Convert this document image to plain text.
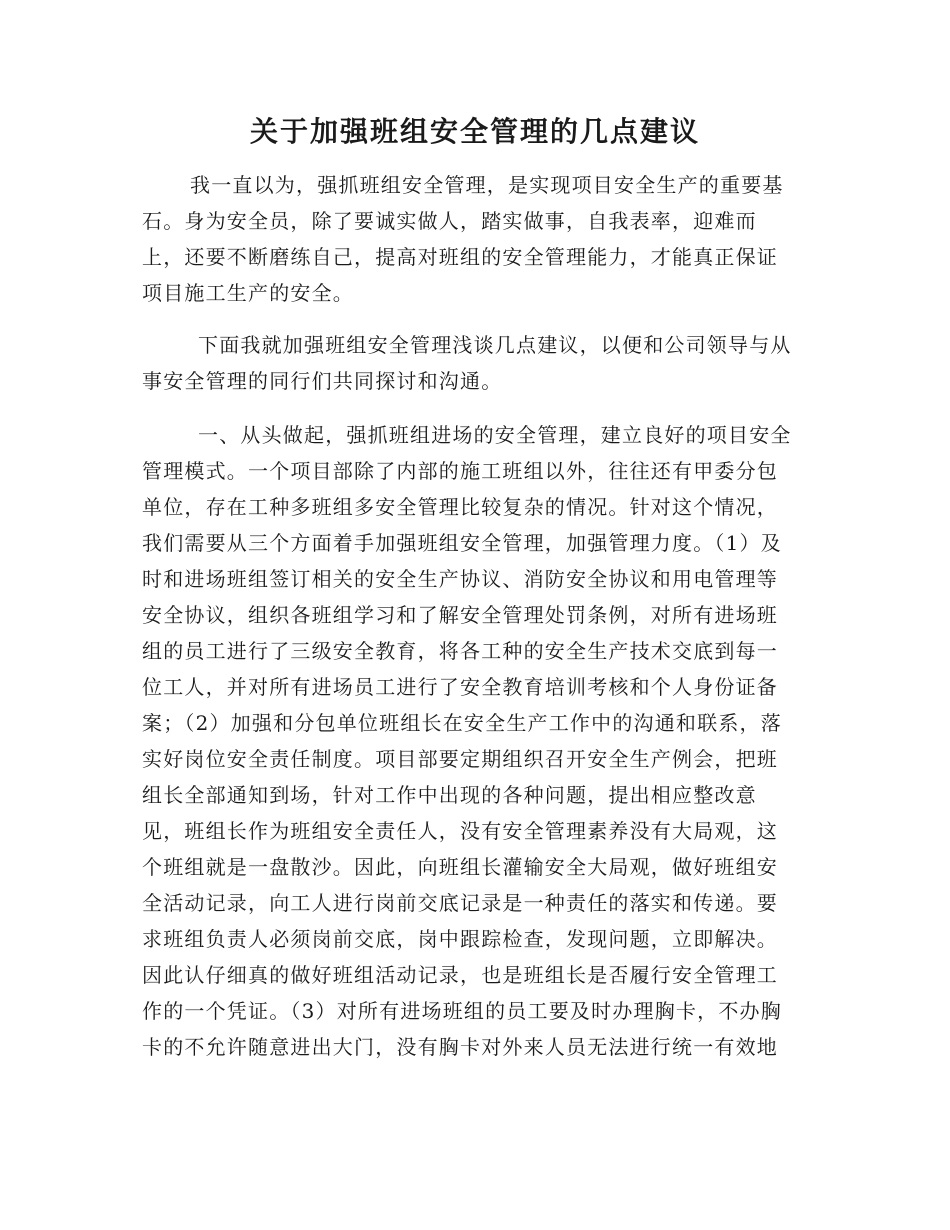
关于加强班组安全管理的几点建议
我一直以为，强抓班组安全管理，是实现项目安全生产的重要基
石。身为安全员，除了要诚实做人，踏实做事，自我表率，迎难而
上，还要不断磨练自己，提高对班组的安全管理能力，才能真正保证
项目施工生产的安全。
下面我就加强班组安全管理浅谈几点建议，以便和公司领导与从
事安全管理的同行们共同探讨和沟通。
一、从头做起，强抓班组进场的安全管理，建立良好的项目安全
管理模式。一个项目部除了内部的施工班组以外，往往还有甲委分包
单位，存在工种多班组多安全管理比较复杂的情况。针对这个情况，
我们需要从三个方面着手加强班组安全管理，加强管理力度。（1）及
时和进场班组签订相关的安全生产协议、消防安全协议和用电管理等
安全协议，组织各班组学习和了解安全管理处罚条例，对所有进场班
组的员工进行了三级安全教育，将各工种的安全生产技术交底到每一
位工人，并对所有进场员工进行了安全教育培训考核和个人身份证备
案；（2）加强和分包单位班组长在安全生产工作中的沟通和联系，落
实好岗位安全责任制度。项目部要定期组织召开安全生产例会，把班
组长全部通知到场，针对工作中出现的各种问题，提出相应整改意
见，班组长作为班组安全责任人，没有安全管理素养没有大局观，这
个班组就是一盘散沙。因此，向班组长灌输安全大局观，做好班组安
全活动记录，向工人进行岗前交底记录是一种责任的落实和传递。要
求班组负责人必须岗前交底，岗中跟踪检查，发现问题，立即解决。
因此认仔细真的做好班组活动记录，也是班组长是否履行安全管理工
作的一个凭证。（3）对所有进场班组的员工要及时办理胸卡，不办胸
卡的不允许随意进出大门，没有胸卡对外来人员无法进行统一有效地
